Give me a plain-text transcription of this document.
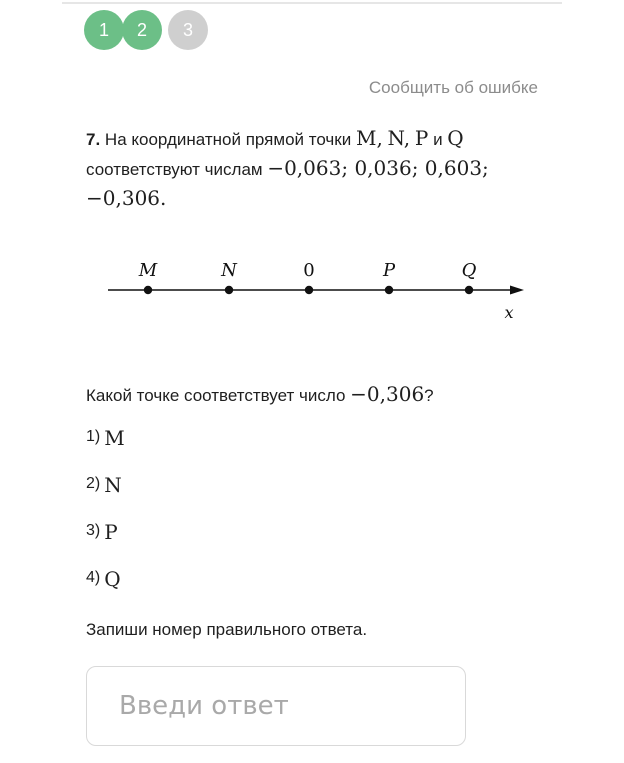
1	2	3
Сообщить об ошибке
7. На координатной прямой точки M, N, P и Q
соответствуют числам −0,063; 0,036; 0,603;
−0,306.
M	N	0	P	Q
x
Какой точке соответствует число −0,306?
1) M
2) N
3) P
4) Q
Запиши номер правильного ответа.
Введи ответ
